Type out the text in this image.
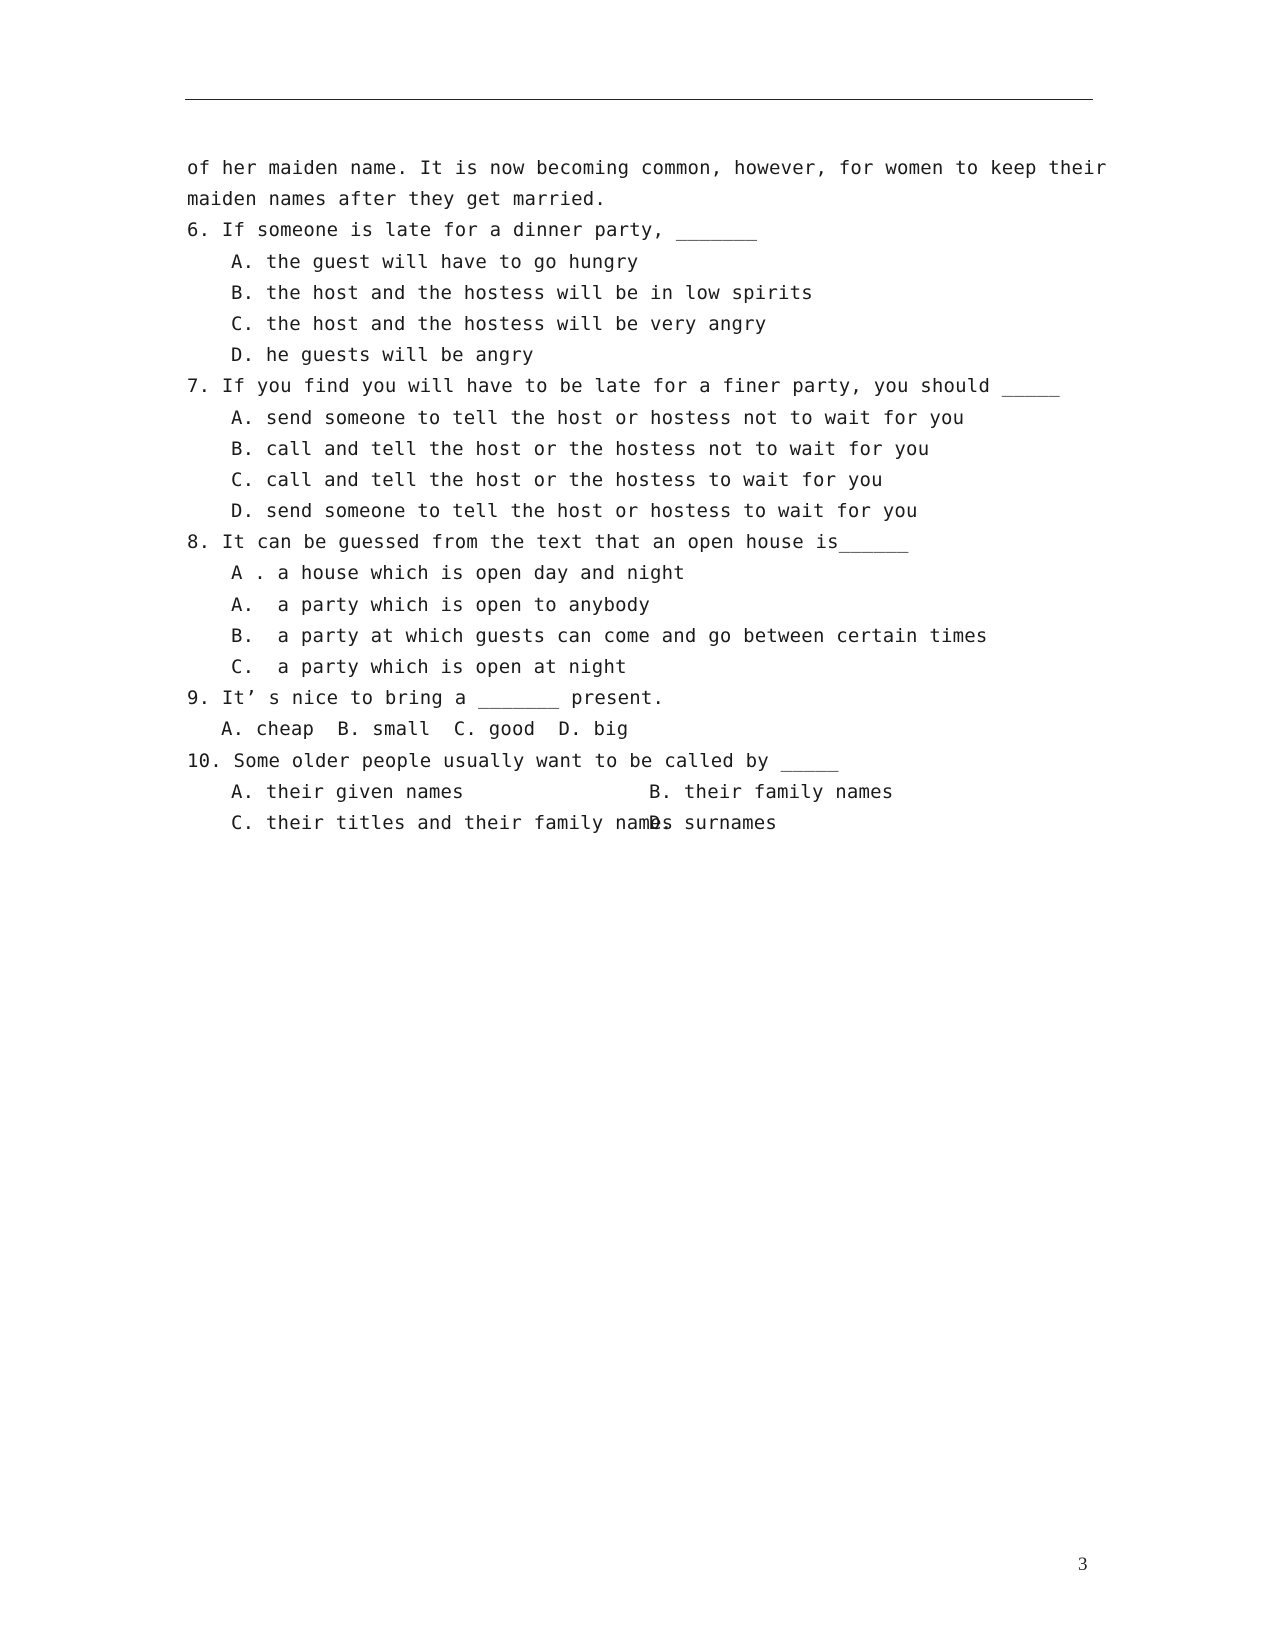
of her maiden name. It is now becoming common, however, for women to keep their
maiden names after they get married.
6. If someone is late for a dinner party, _______
A. the guest will have to go hungry
B. the host and the hostess will be in low spirits
C. the host and the hostess will be very angry
D. he guests will be angry
7. If you find you will have to be late for a finer party, you should _____
A. send someone to tell the host or hostess not to wait for you
B. call and tell the host or the hostess not to wait for you
C. call and tell the host or the hostess to wait for you
D. send someone to tell the host or hostess to wait for you
8. It can be guessed from the text that an open house is______
A . a house which is open day and night
A.  a party which is open to anybody
B.  a party at which guests can come and go between certain times
C.  a party which is open at night
9. It’ s nice to bring a _______ present.
A. cheap  B. small  C. good  D. big
10. Some older people usually want to be called by _____
A. their given names	B. their family names
C. their titles and their family names
D. surnames
3
